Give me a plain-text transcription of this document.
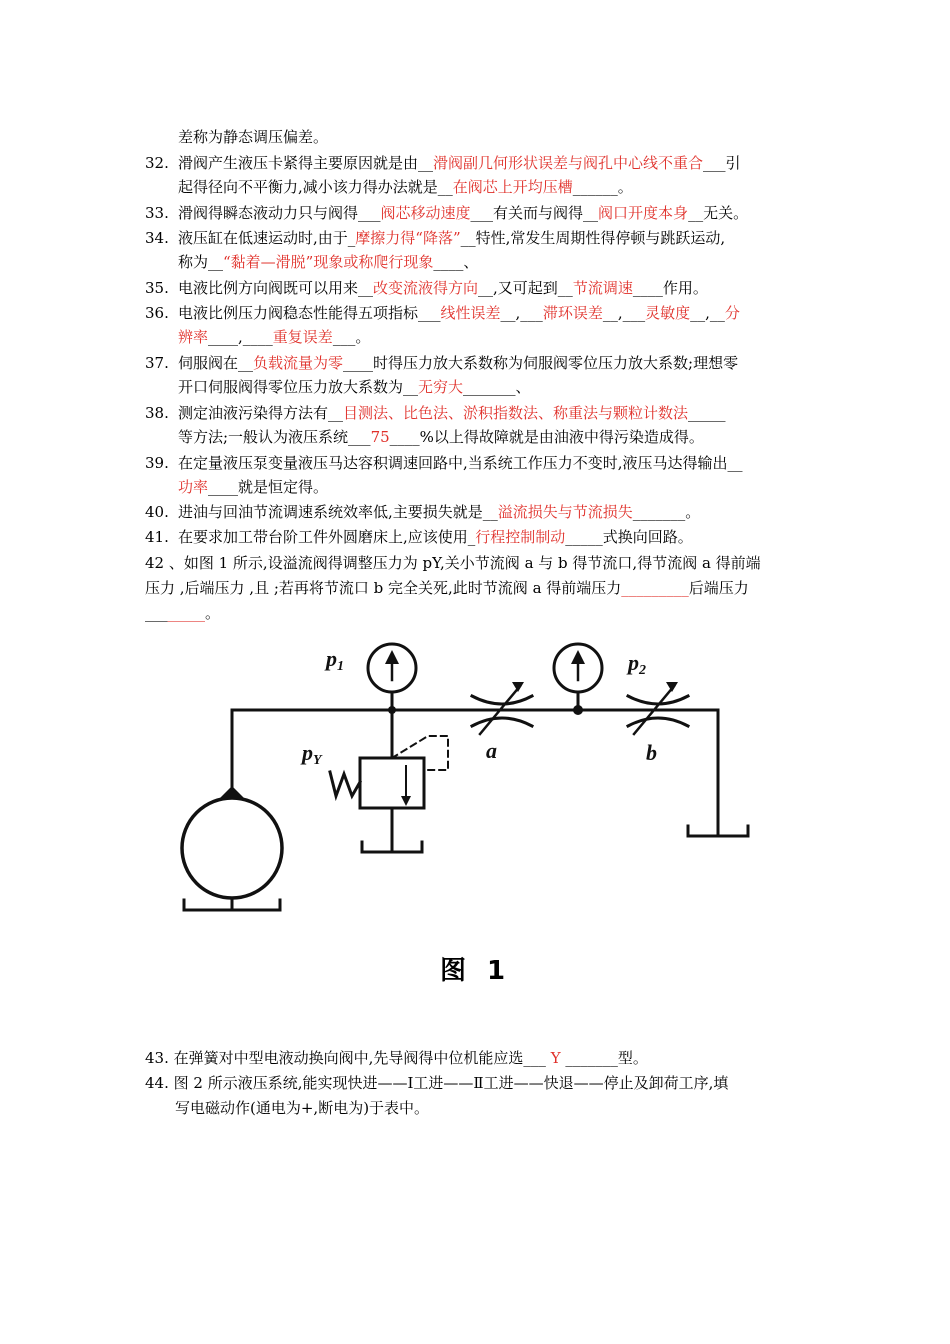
差称为静态调压偏差。
32. 滑阀产生液压卡紧得主要原因就是由__滑阀副几何形状误差与阀孔中心线不重合___引
起得径向不平衡力,减小该力得办法就是__在阀芯上开均压槽______。
33. 滑阀得瞬态液动力只与阀得___阀芯移动速度___有关而与阀得__阀口开度本身__无关。
34. 液压缸在低速运动时,由于_摩擦力得“降落”__特性,常发生周期性得停顿与跳跃运动,
称为__“黏着—滑脱”现象或称爬行现象____、
35. 电液比例方向阀既可以用来__改变流液得方向__,又可起到__节流调速____作用。
36. 电液比例压力阀稳态性能得五项指标___线性误差__,___滞环误差__,___灵敏度__,__分
辨率____,____重复误差___。
37. 伺服阀在__负载流量为零____时得压力放大系数称为伺服阀零位压力放大系数;理想零
开口伺服阀得零位压力放大系数为__无穷大_______、
38. 测定油液污染得方法有__目测法、比色法、淤积指数法、称重法与颗粒计数法_____
等方法;一般认为液压系统___75____%以上得故障就是由油液中得污染造成得。
39. 在定量液压泵变量液压马达容积调速回路中,当系统工作压力不变时,液压马达得输出__
功率____就是恒定得。
40. 进油与回油节流调速系统效率低,主要损失就是__溢流损失与节流损失_______。
41. 在要求加工带台阶工件外圆磨床上,应该使用_行程控制制动_____式换向回路。
42 、如图 1 所示,设溢流阀得调整压力为 pY,关小节流阀 a 与 b 得节流口,得节流阀 a 得前端
压力 ,后端压力 ,且 ;若再将节流口 b 完全关死,此时节流阀 a 得前端压力_________后端压力
________。
p1	p2
pY	a	b
图 1
43. 在弹簧对中型电液动换向阀中,先导阀得中位机能应选___ Y _______型。
44. 图 2 所示液压系统,能实现快进——Ⅰ工进——Ⅱ工进——快退——停止及卸荷工序,填
写电磁动作(通电为+,断电为)于表中。
